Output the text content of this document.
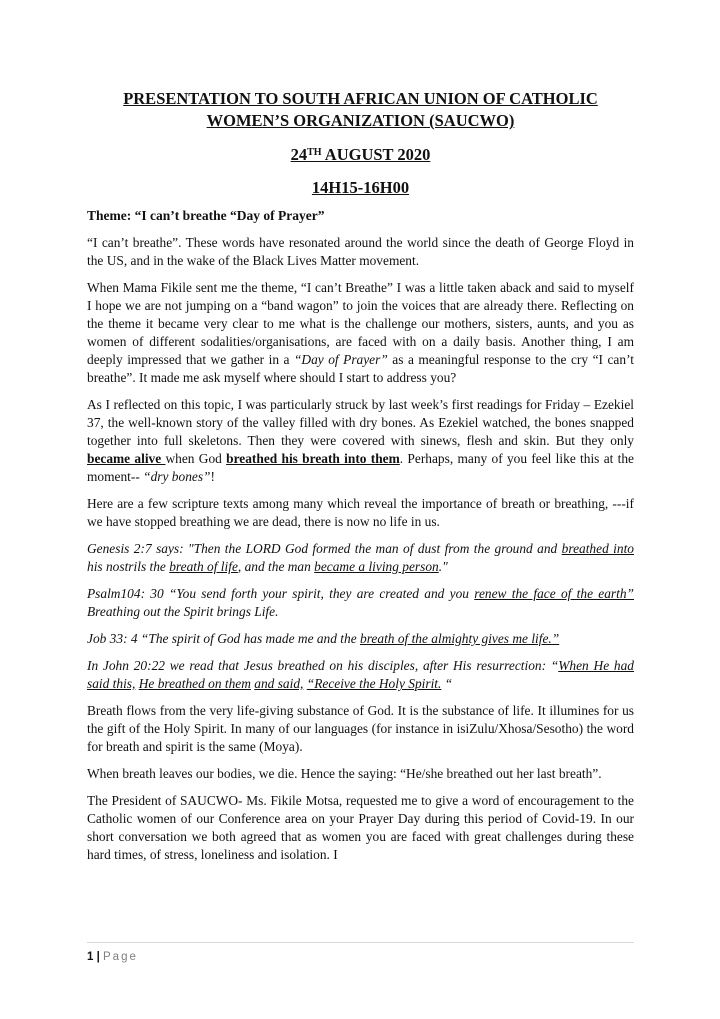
PRESENTATION TO SOUTH AFRICAN UNION OF CATHOLIC WOMEN’S ORGANIZATION (SAUCWO)
24TH AUGUST 2020
14H15-16H00
Theme: “I can’t breathe “Day of Prayer”

“I can’t breathe”. These words have resonated around the world since the death of George Floyd in the US, and in the wake of the Black Lives Matter movement.

When Mama Fikile sent me the theme, “I can’t Breathe” I was a little taken aback and said to myself I hope we are not jumping on a “band wagon” to join the voices that are already there. Reflecting on the theme it became very clear to me what is the challenge our mothers, sisters, aunts, and you as women of different sodalities/organisations, are faced with on a daily basis. Another thing, I am deeply impressed that we gather in a “Day of Prayer” as a meaningful response to the cry “I can’t breathe”. It made me ask myself where should I start to address you?

As I reflected on this topic, I was particularly struck by last week’s first readings for Friday – Ezekiel 37, the well-known story of the valley filled with dry bones. As Ezekiel watched, the bones snapped together into full skeletons. Then they were covered with sinews, flesh and skin. But they only became alive when God breathed his breath into them. Perhaps, many of you feel like this at the moment-- “dry bones”!

Here are a few scripture texts among many which reveal the importance of breath or breathing, ---if we have stopped breathing we are dead, there is now no life in us.

Genesis 2:7 says: "Then the LORD God formed the man of dust from the ground and breathed into his nostrils the breath of life, and the man became a living person."

Psalm104: 30 “You send forth your spirit, they are created and you renew the face of the earth” Breathing out the Spirit brings Life.

Job 33: 4 “The spirit of God has made me and the breath of the almighty gives me life.”

In John 20:22 we read that Jesus breathed on his disciples, after His resurrection: “When He had said this, He breathed on them and said, “Receive the Holy Spirit. “

Breath flows from the very life-giving substance of God. It is the substance of life. It illumines for us the gift of the Holy Spirit. In many of our languages (for instance in isiZulu/Xhosa/Sesotho) the word for breath and spirit is the same (Moya).

When breath leaves our bodies, we die. Hence the saying: “He/she breathed out her last breath”.

The President of SAUCWO- Ms. Fikile Motsa, requested me to give a word of encouragement to the Catholic women of our Conference area on your Prayer Day during this period of Covid-19. In our short conversation we both agreed that as women you are faced with great challenges during these hard times, of stress, loneliness and isolation. I

1 | Page
